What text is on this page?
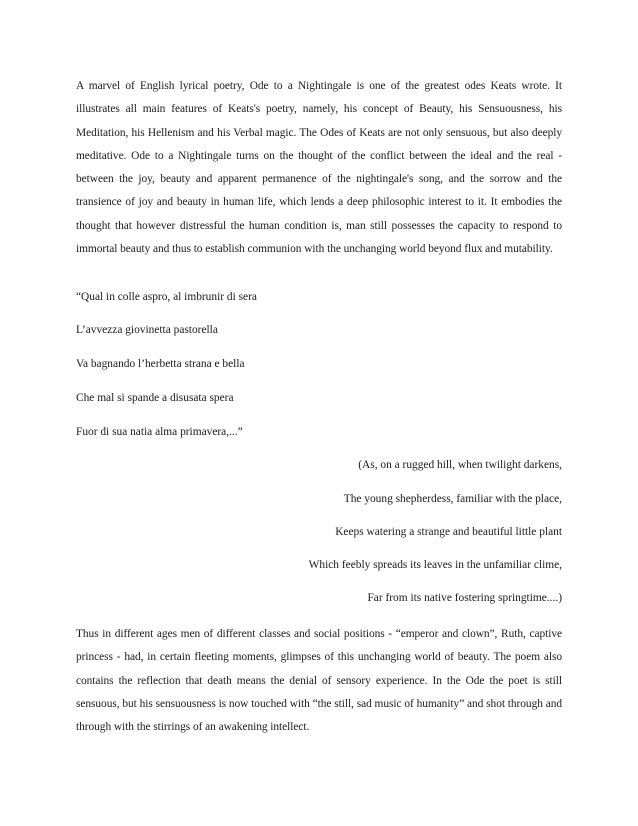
A marvel of English lyrical poetry, Ode to a Nightingale is one of the greatest odes Keats wrote. It illustrates all main features of Keats's poetry, namely, his concept of Beauty, his Sensuousness, his Meditation, his Hellenism and his Verbal magic. The Odes of Keats are not only sensuous, but also deeply meditative. Ode to a Nightingale turns on the thought of the conflict between the ideal and the real - between the joy, beauty and apparent permanence of the nightingale's song, and the sorrow and the transience of joy and beauty in human life, which lends a deep philosophic interest to it. It embodies the thought that however distressful the human condition is, man still possesses the capacity to respond to immortal beauty and thus to establish communion with the unchanging world beyond flux and mutability.

“Qual in colle aspro, al imbrunir di sera
L’avvezza giovinetta pastorella
Va bagnando l’herbetta strana e bella
Che mal si spande a disusata spera
Fuor di sua natia alma primavera,...”
(As, on a rugged hill, when twilight darkens,
The young shepherdess, familiar with the place,
Keeps watering a strange and beautiful little plant
Which feebly spreads its leaves in the unfamiliar clime,
Far from its native fostering springtime....)

Thus in different ages men of different classes and social positions - “emperor and clown”, Ruth, captive princess - had, in certain fleeting moments, glimpses of this unchanging world of beauty. The poem also contains the reflection that death means the denial of sensory experience. In the Ode the poet is still sensuous, but his sensuousness is now touched with “the still, sad music of humanity” and shot through and through with the stirrings of an awakening intellect.
